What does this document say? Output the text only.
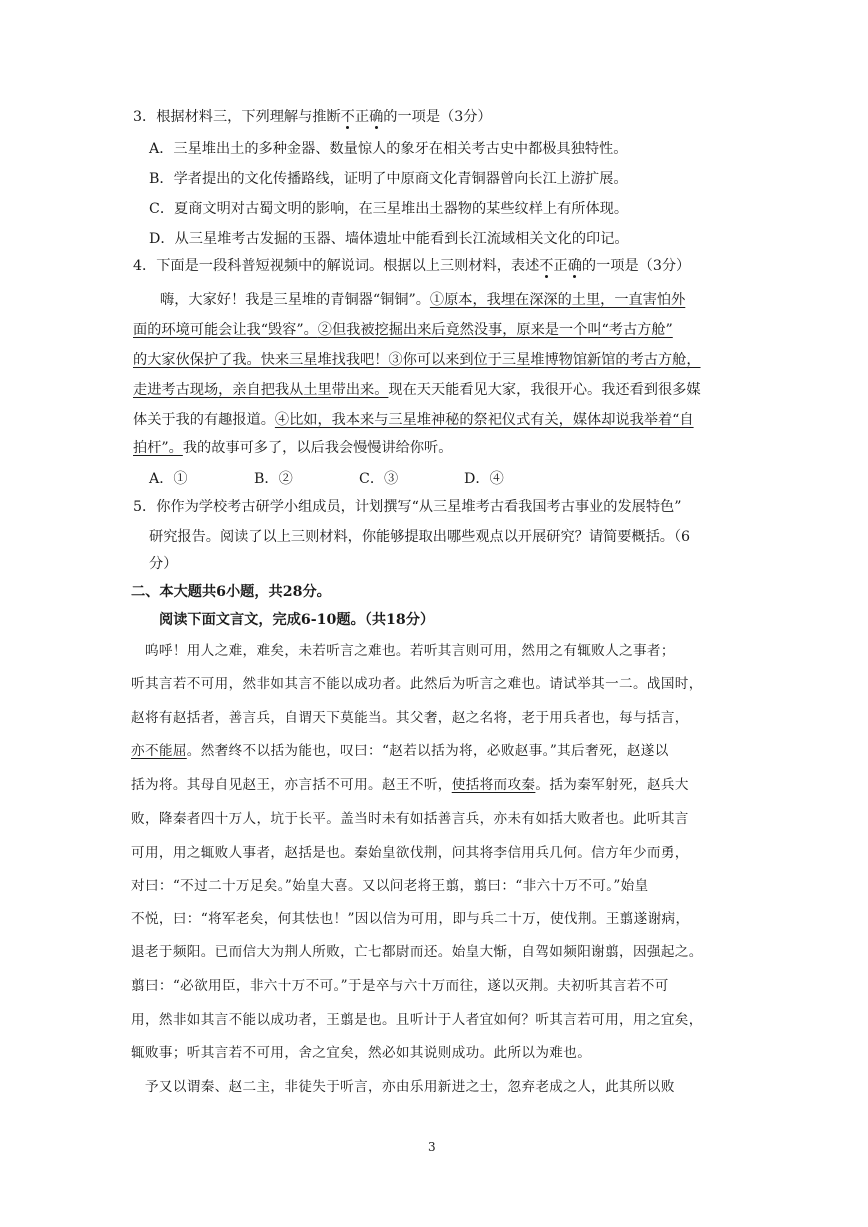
3．根据材料三，下列理解与推断不正确的一项是（3分）
A．三星堆出土的多种金器、数量惊人的象牙在相关考古史中都极具独特性。
B．学者提出的文化传播路线，证明了中原商文化青铜器曾向长江上游扩展。
C．夏商文明对古蜀文明的影响，在三星堆出土器物的某些纹样上有所体现。
D．从三星堆考古发掘的玉器、墙体遗址中能看到长江流域相关文化的印记。
4．下面是一段科普短视频中的解说词。根据以上三则材料，表述不正确的一项是（3分）
嗨，大家好！我是三星堆的青铜器“铜铜”。①原本，我埋在深深的土里，一直害怕外
面的环境可能会让我“毁容”。②但我被挖掘出来后竟然没事，原来是一个叫“考古方舱”
的大家伙保护了我。快来三星堆找我吧！③你可以来到位于三星堆博物馆新馆的考古方舱，
走进考古现场，亲自把我从土里带出来。现在天天能看见大家，我很开心。我还看到很多媒
体关于我的有趣报道。④比如，我本来与三星堆神秘的祭祀仪式有关，媒体却说我举着“自
拍杆”。我的故事可多了，以后我会慢慢讲给你听。
A．①	B．②	C．③	D．④
5．你作为学校考古研学小组成员，计划撰写“从三星堆考古看我国考古事业的发展特色”
研究报告。阅读了以上三则材料，你能够提取出哪些观点以开展研究？请简要概括。（6
分）
二、本大题共6小题，共28分。
阅读下面文言文，完成6-10题。（共18分）
　呜呼！用人之难，难矣，未若听言之难也。若听其言则可用，然用之有辄败人之事者；
听其言若不可用，然非如其言不能以成功者。此然后为听言之难也。请试举其一二。战国时，
赵将有赵括者，善言兵，自谓天下莫能当。其父奢，赵之名将，老于用兵者也，每与括言，
亦不能屈。然奢终不以括为能也，叹曰：“赵若以括为将，必败赵事。”其后奢死，赵遂以
括为将。其母自见赵王，亦言括不可用。赵王不听，使括将而攻秦。括为秦军射死，赵兵大
败，降秦者四十万人，坑于长平。盖当时未有如括善言兵，亦未有如括大败者也。此听其言
可用，用之辄败人事者，赵括是也。秦始皇欲伐荆，问其将李信用兵几何。信方年少而勇，
对曰：“不过二十万足矣。”始皇大喜。又以问老将王翦，翦曰：“非六十万不可。”始皇
不悦，曰：“将军老矣，何其怯也！”因以信为可用，即与兵二十万，使伐荆。王翦遂谢病，
退老于频阳。已而信大为荆人所败，亡七都尉而还。始皇大惭，自驾如频阳谢翦，因强起之。
翦曰：“必欲用臣，非六十万不可。”于是卒与六十万而往，遂以灭荆。夫初听其言若不可
用，然非如其言不能以成功者，王翦是也。且听计于人者宜如何？听其言若可用，用之宜矣，
辄败事；听其言若不可用，舍之宜矣，然必如其说则成功。此所以为难也。
　予又以谓秦、赵二主，非徒失于听言，亦由乐用新进之士，忽弃老成之人，此其所以败
3
